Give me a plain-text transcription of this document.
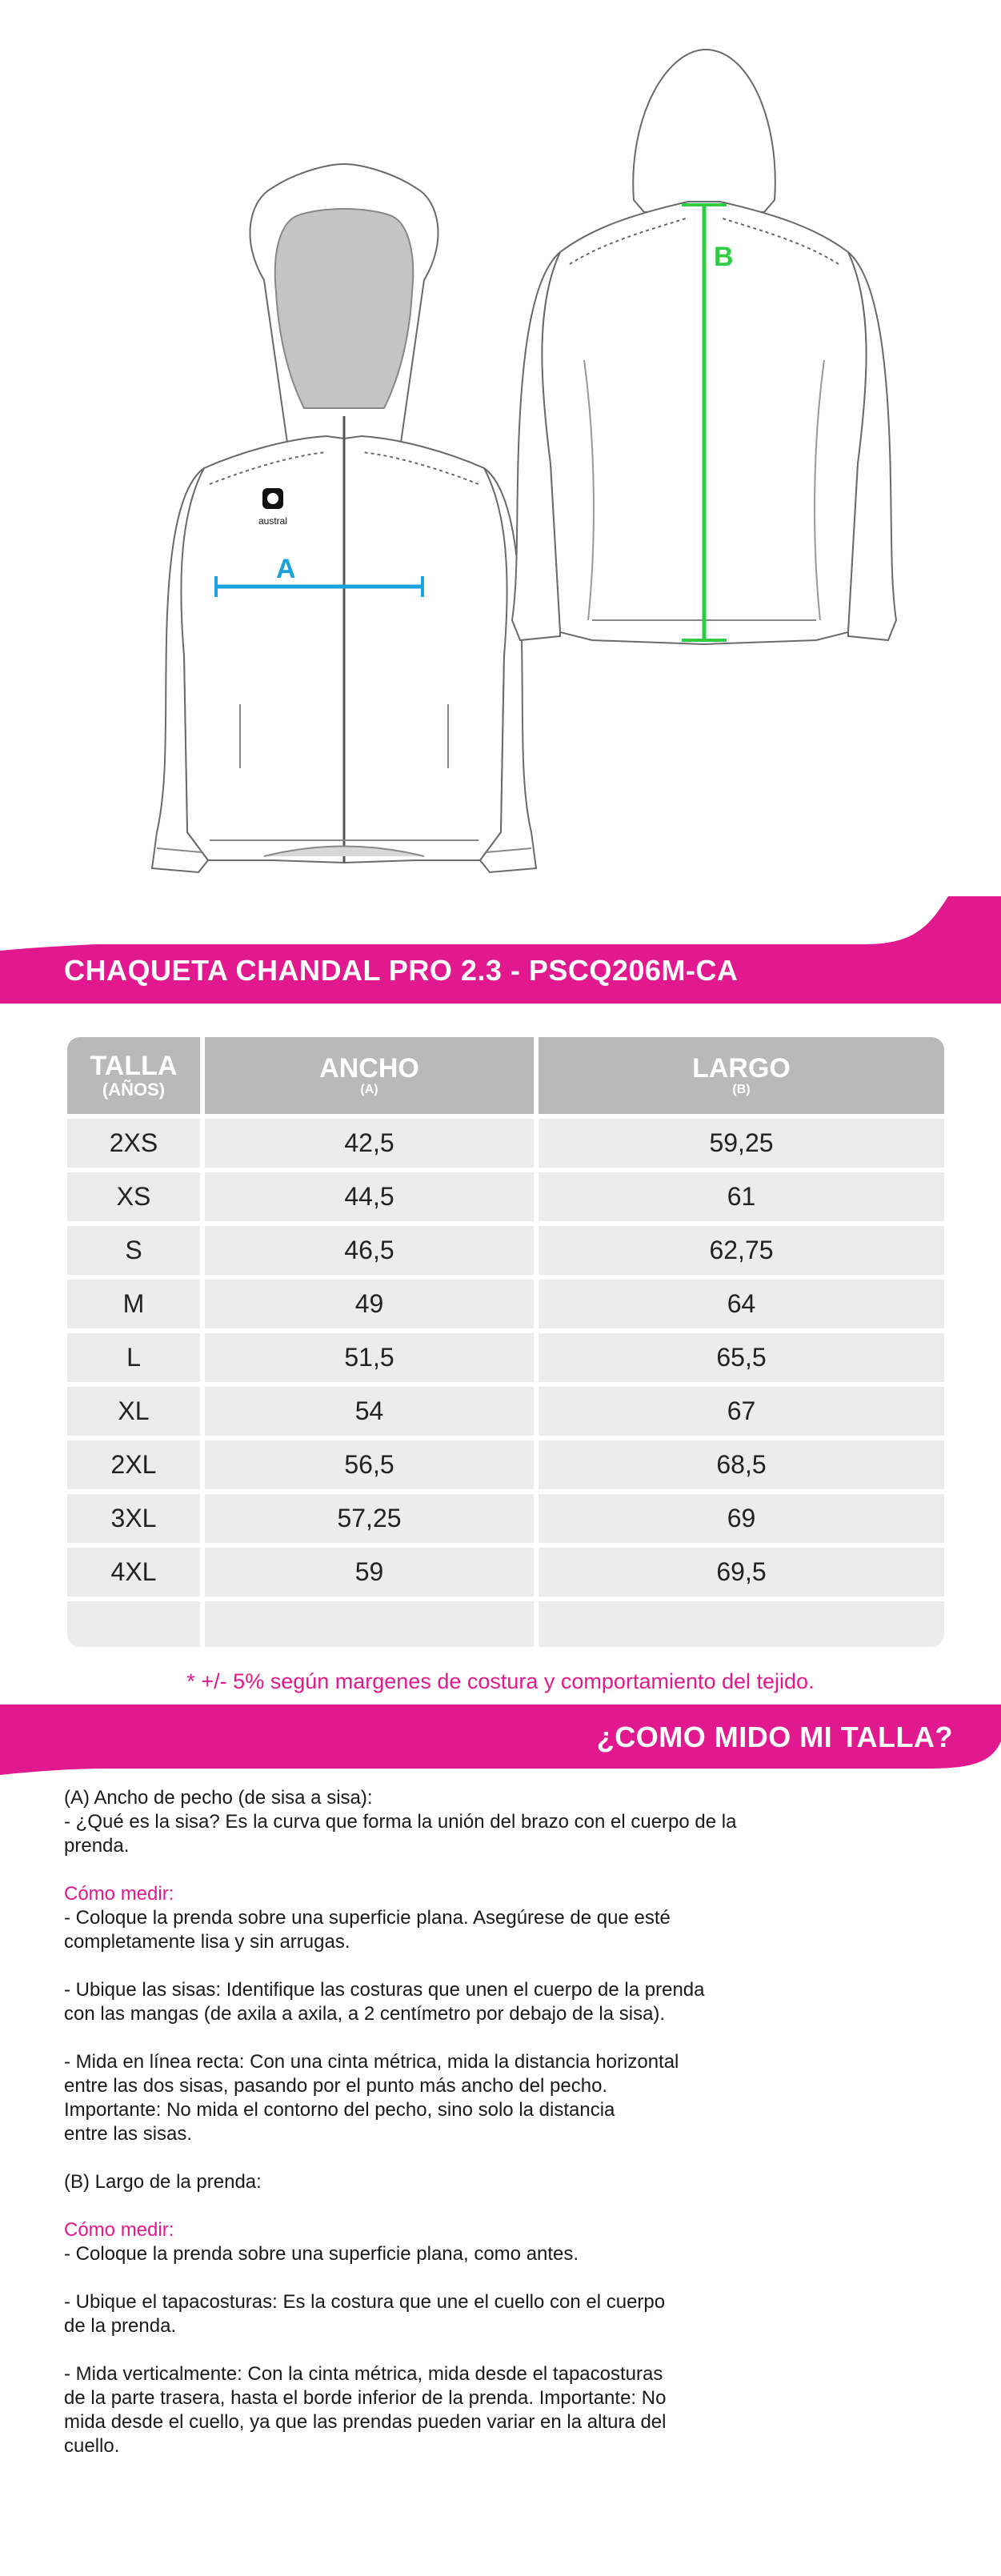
austral
A
B
CHAQUETA CHANDAL PRO 2.3 - PSCQ206M-CA
TALLA
(AÑOS)
ANCHO
(A)
LARGO
(B)
2XS	42,5	59,25
XS	44,5	61
S	46,5	62,75
M	49	64
L	51,5	65,5
XL	54	67
2XL	56,5	68,5
3XL	57,25	69
4XL	59	69,5
* +/- 5% según margenes de costura y comportamiento del tejido.
¿COMO MIDO MI TALLA?

(A) Ancho de pecho (de sisa a sisa):

- ¿Qué es la sisa? Es la curva que forma la unión del brazo con el cuerpo de la

prenda.

Cómo medir:

- Coloque la prenda sobre una superficie plana. Asegúrese de que esté

completamente lisa y sin arrugas.

- Ubique las sisas: Identifique las costuras que unen el cuerpo de la prenda

con las mangas (de axila a axila, a 2 centímetro por debajo de la sisa).

- Mida en línea recta: Con una cinta métrica, mida la distancia horizontal

entre las dos sisas, pasando por el punto más ancho del pecho.

Importante: No mida el contorno del pecho, sino solo la distancia

entre las sisas.

(B) Largo de la prenda:

Cómo medir:

- Coloque la prenda sobre una superficie plana, como antes.

- Ubique el tapacosturas: Es la costura que une el cuello con el cuerpo

de la prenda.

- Mida verticalmente: Con la cinta métrica, mida desde el tapacosturas

de la parte trasera, hasta el borde inferior de la prenda. Importante: No

mida desde el cuello, ya que las prendas pueden variar en la altura del

cuello.
